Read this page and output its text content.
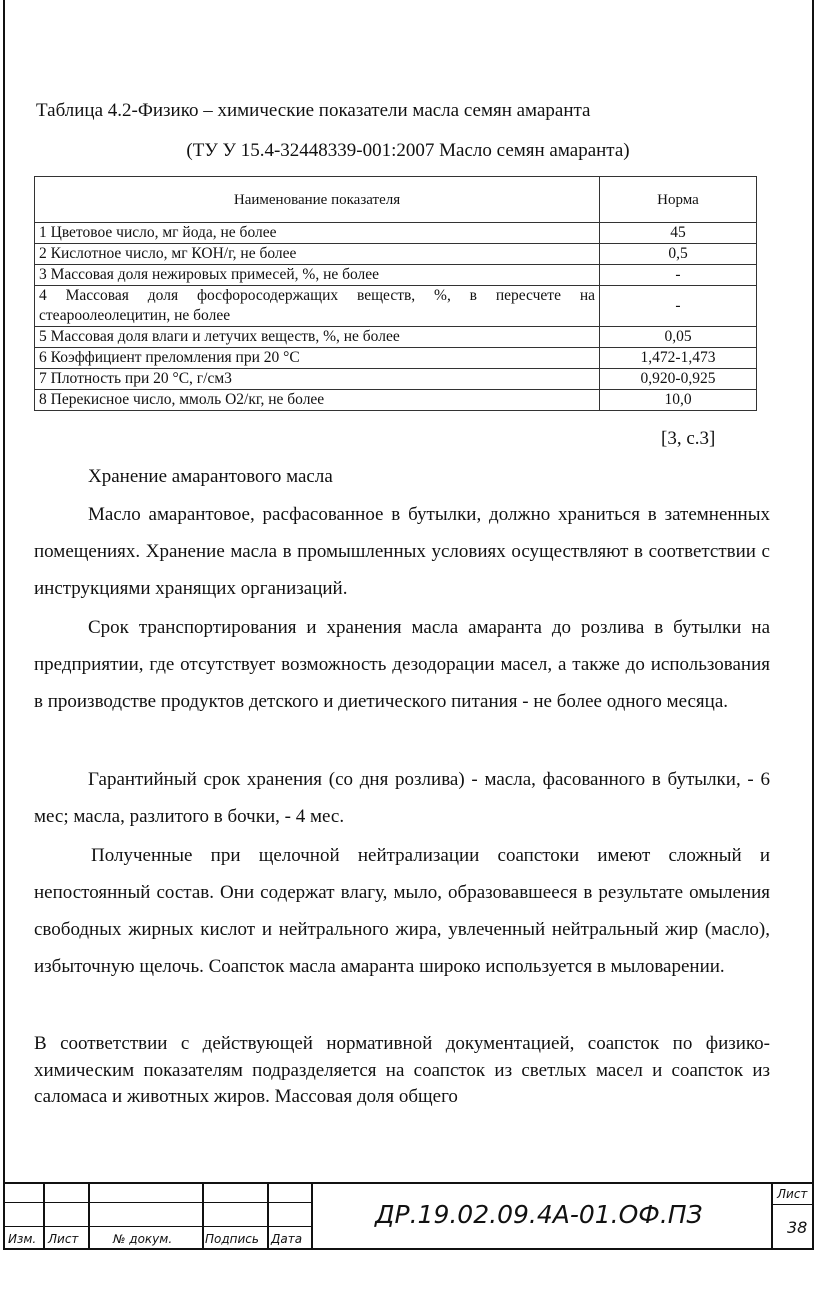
Таблица 4.2-Физико – химические показатели масла семян амаранта
(ТУ У 15.4-32448339-001:2007 Масло семян амаранта)
Наименование показателя	Норма
1 Цветовое число, мг йода, не более	45
2 Кислотное число, мг КОН/г, не более	0,5
3 Массовая доля нежировых примесей, %, не более	-
4 Массовая доля фосфоросодержащих веществ, %, в пересчете на стеароолеолецитин, не более	-
5 Массовая доля влаги и летучих веществ, %, не более	0,05
6 Коэффициент преломления при 20 °С	1,472-1,473
7 Плотность при 20 °С, г/см3	0,920-0,925
8 Перекисное число, ммоль О2/кг, не более	10,0
[3, с.3]

Хранение амарантового масла

Масло амарантовое, расфасованное в бутылки, должно храниться в затемненных помещениях. Хранение масла в промышленных условиях осуществляют в соответствии с инструкциями хранящих организаций.

Срок транспортирования и хранения масла амаранта до розлива в бутылки на предприятии, где отсутствует возможность дезодорации масел, а также до использования в производстве продуктов детского и диетического питания - не более одного месяца.

Гарантийный срок хранения (со дня розлива) - масла, фасованного в бутылки, - 6 мес; масла, разлитого в бочки, - 4 мес.

Полученные при щелочной нейтрализации соапстоки имеют сложный и непостоянный состав. Они содержат влагу, мыло, образовавшееся в результате омыления свободных жирных кислот и нейтрального жира, увлеченный нейтральный жир (масло), избыточную щелочь. Соапсток масла амаранта широко используется в мыловарении.

В соответствии с действующей нормативной документацией, соапсток по физико-химическим показателям подразделяется на соапсток из светлых масел и соапсток из саломаса и животных жиров. Массовая доля общего

Изм. Лист	№ докум.	Подпись Дата
ДР.19.02.09.4А-01.ОФ.ПЗ
Лист
38
